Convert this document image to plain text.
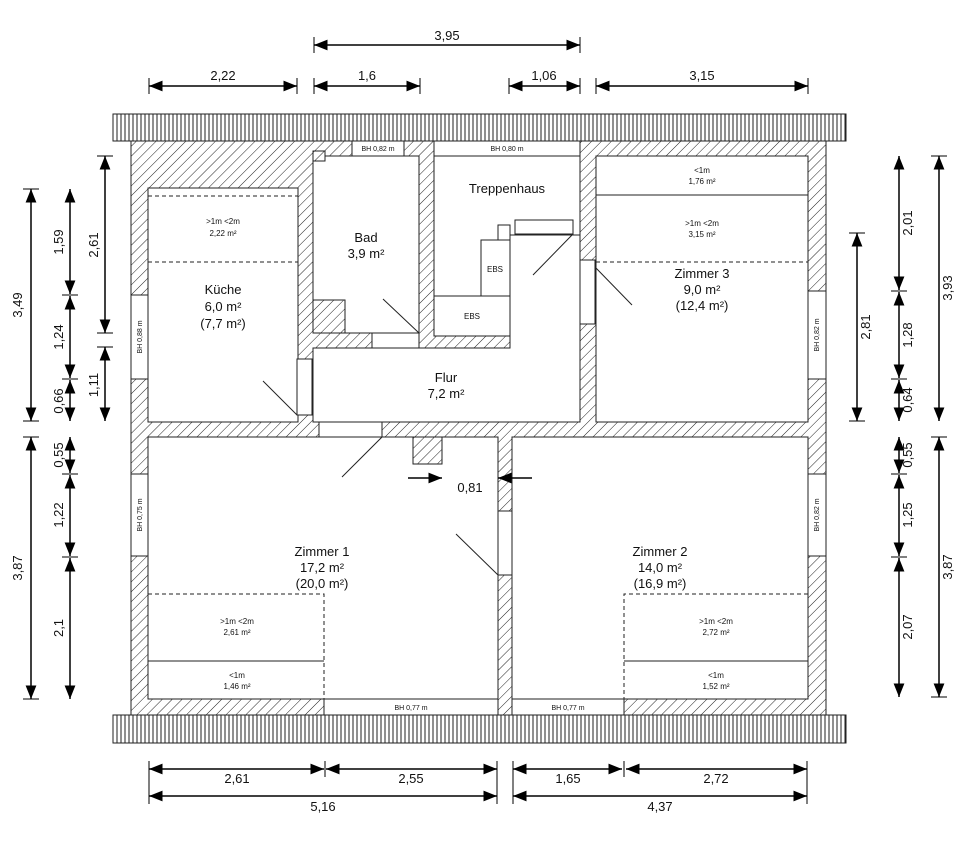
>1m <2m
2,22 m²
Küche
6,0 m²
(7,7 m²)
Bad
3,9 m²
Treppenhaus
EBS
EBS
<1m
1,76 m²
>1m <2m
3,15 m²
Zimmer 3
9,0 m²
(12,4 m²)
Flur
7,2 m²
Zimmer 1
17,2 m²
(20,0 m²)
>1m <2m
2,61 m²
<1m
1,46 m²
Zimmer 2
14,0 m²
(16,9 m²)
>1m <2m
2,72 m²
<1m
1,52 m²
BH 0,82 m	BH 0,80 m
BH 0,77 m	BH 0,77 m
BH 0,88 m	BH 0,82 m
BH 0,75 m	BH 0,82 m
3,95
2,22	1,6	1,06	3,15
2,61	2,55	1,65	2,72
5,16	4,37
0,81
3,49
3,87
1,59
1,24
0,66
0,55
1,22
2,1
2,61
1,11
2,81
2,01
1,28
0,64
0,55
1,25
2,07
3,93
3,87
